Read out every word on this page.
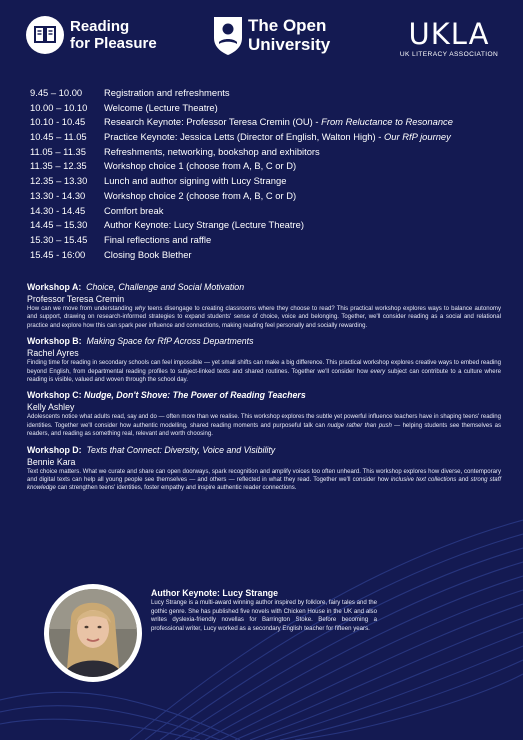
Reading
for Pleasure
The Open
University	UKLA
UK LITERACY ASSOCIATION
9.45 – 10.00	Registration and refreshments
10.00 – 10.10	Welcome (Lecture Theatre)
10.10 - 10.45	Research Keynote: Professor Teresa Cremin (OU) - From Reluctance to Resonance
10.45 – 11.05	Practice Keynote: Jessica Letts (Director of English, Walton High) - Our RfP journey
11.05 – 11.35	Refreshments, networking, bookshop and exhibitors
11.35 – 12.35	Workshop choice 1 (choose from A, B, C or D)
12.35 – 13.30	Lunch and author signing with Lucy Strange
13.30 - 14.30	Workshop choice 2 (choose from A, B, C or D)
14.30 - 14.45	Comfort break
14.45 – 15.30	Author Keynote: Lucy Strange (Lecture Theatre)
15.30 – 15.45	Final reflections and raffle
15.45 - 16:00	Closing Book Blether
Workshop A: Choice, Challenge and Social Motivation
Professor Teresa Cremin
How can we move from understanding why teens disengage to creating classrooms where they choose to read? This practical workshop explores ways to balance autonomy and support, drawing on research-informed strategies to expand students' sense of choice, voice and belonging. Together, we'll consider reading as a social and relational practice and explore how this can spark peer influence and connections, making reading feel personally and socially rewarding.
Workshop B: Making Space for RfP Across Departments
Rachel Ayres
Finding time for reading in secondary schools can feel impossible — yet small shifts can make a big difference. This practical workshop explores creative ways to embed reading beyond English, from departmental reading profiles to subject-linked texts and shared routines. Together we'll consider how every subject can contribute to a culture where reading is visible, valued and woven through the school day.
Workshop C: Nudge, Don't Shove: The Power of Reading Teachers
Kelly Ashley
Adolescents notice what adults read, say and do — often more than we realise. This workshop explores the subtle yet powerful influence teachers have in shaping teens' reading identities. Together we'll consider how authentic modelling, shared reading moments and purposeful talk can nudge rather than push — helping students see themselves as readers, and reading as something real, relevant and worth choosing.
Workshop D: Texts that Connect: Diversity, Voice and Visibility
Bennie Kara
Text choice matters. What we curate and share can open doorways, spark recognition and amplify voices too often unheard. This workshop explores how diverse, contemporary and digital texts can help all young people see themselves — and others — reflected in what they read. Together we'll consider how inclusive text collections and strong staff knowledge can strengthen teens' identities, foster empathy and inspire authentic reader connections.
Author Keynote: Lucy Strange
Lucy Strange is a multi-award winning author inspired by folklore, fairy tales and the gothic genre. She has published five novels with Chicken House in the UK and also writes dyslexia-friendly novellas for Barrington Stoke. Before becoming a professional writer, Lucy worked as a secondary English teacher for fifteen years.
